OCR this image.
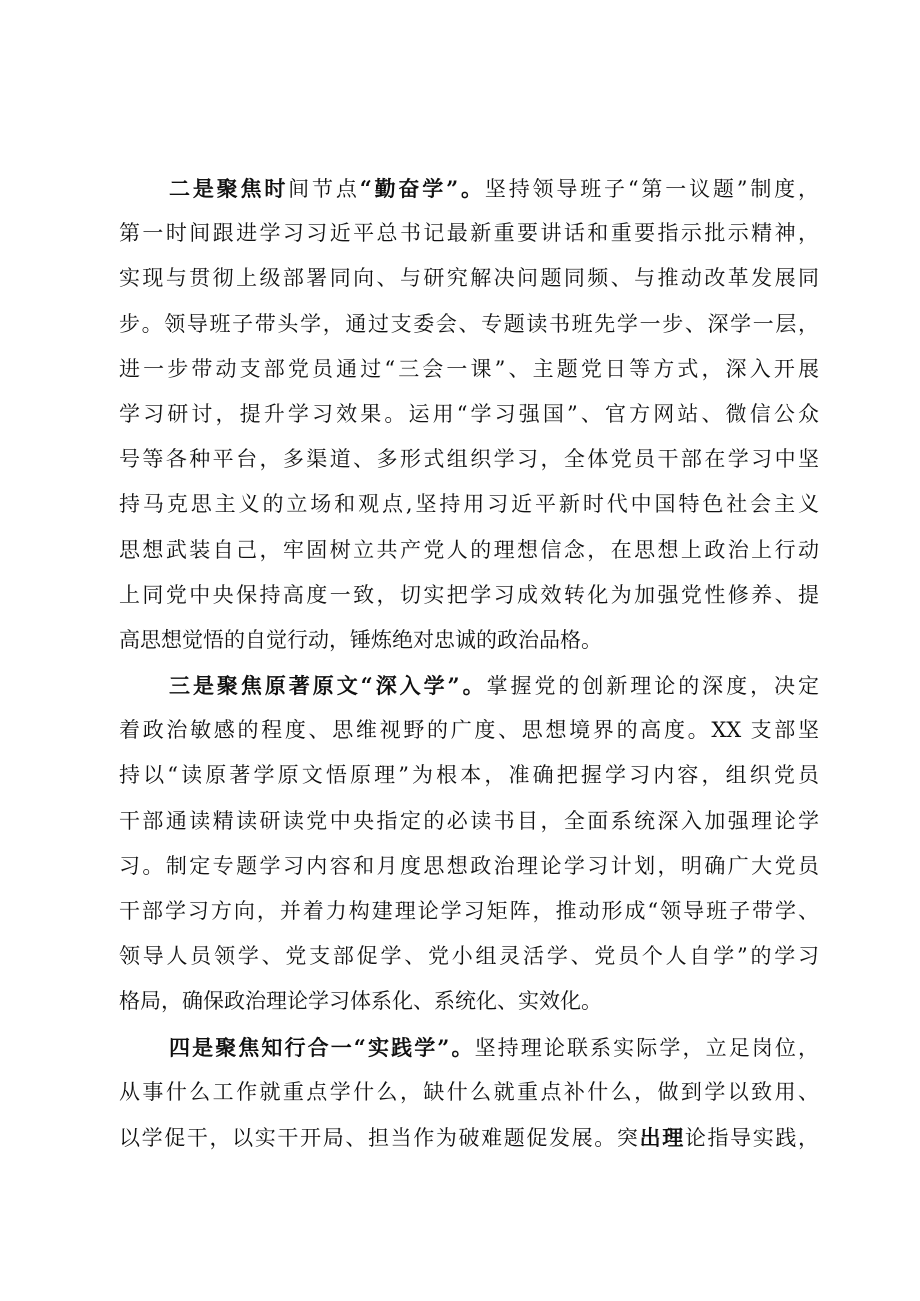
二是聚焦时间节点“勤奋学”。坚持领导班子“第一议题”制度，
第一时间跟进学习习近平总书记最新重要讲话和重要指示批示精神，
实现与贯彻上级部署同向、与研究解决问题同频、与推动改革发展同
步。领导班子带头学，通过支委会、专题读书班先学一步、深学一层，
进一步带动支部党员通过“三会一课”、主题党日等方式，深入开展
学习研讨，提升学习效果。运用“学习强国”、官方网站、微信公众
号等各种平台，多渠道、多形式组织学习，全体党员干部在学习中坚
持马克思主义的立场和观点,坚持用习近平新时代中国特色社会主义
思想武装自己，牢固树立共产党人的理想信念，在思想上政治上行动
上同党中央保持高度一致，切实把学习成效转化为加强党性修养、提
高思想觉悟的自觉行动，锤炼绝对忠诚的政治品格。
三是聚焦原著原文“深入学”。掌握党的创新理论的深度，决定
着政治敏感的程度、思维视野的广度、思想境界的高度。XX 支部坚
持以“读原著学原文悟原理”为根本，准确把握学习内容，组织党员
干部通读精读研读党中央指定的必读书目，全面系统深入加强理论学
习。制定专题学习内容和月度思想政治理论学习计划，明确广大党员
干部学习方向，并着力构建理论学习矩阵，推动形成“领导班子带学、
领导人员领学、党支部促学、党小组灵活学、党员个人自学”的学习
格局，确保政治理论学习体系化、系统化、实效化。
四是聚焦知行合一“实践学”。坚持理论联系实际学，立足岗位，
从事什么工作就重点学什么，缺什么就重点补什么，做到学以致用、
以学促干，以实干开局、担当作为破难题促发展。突出理论指导实践，
